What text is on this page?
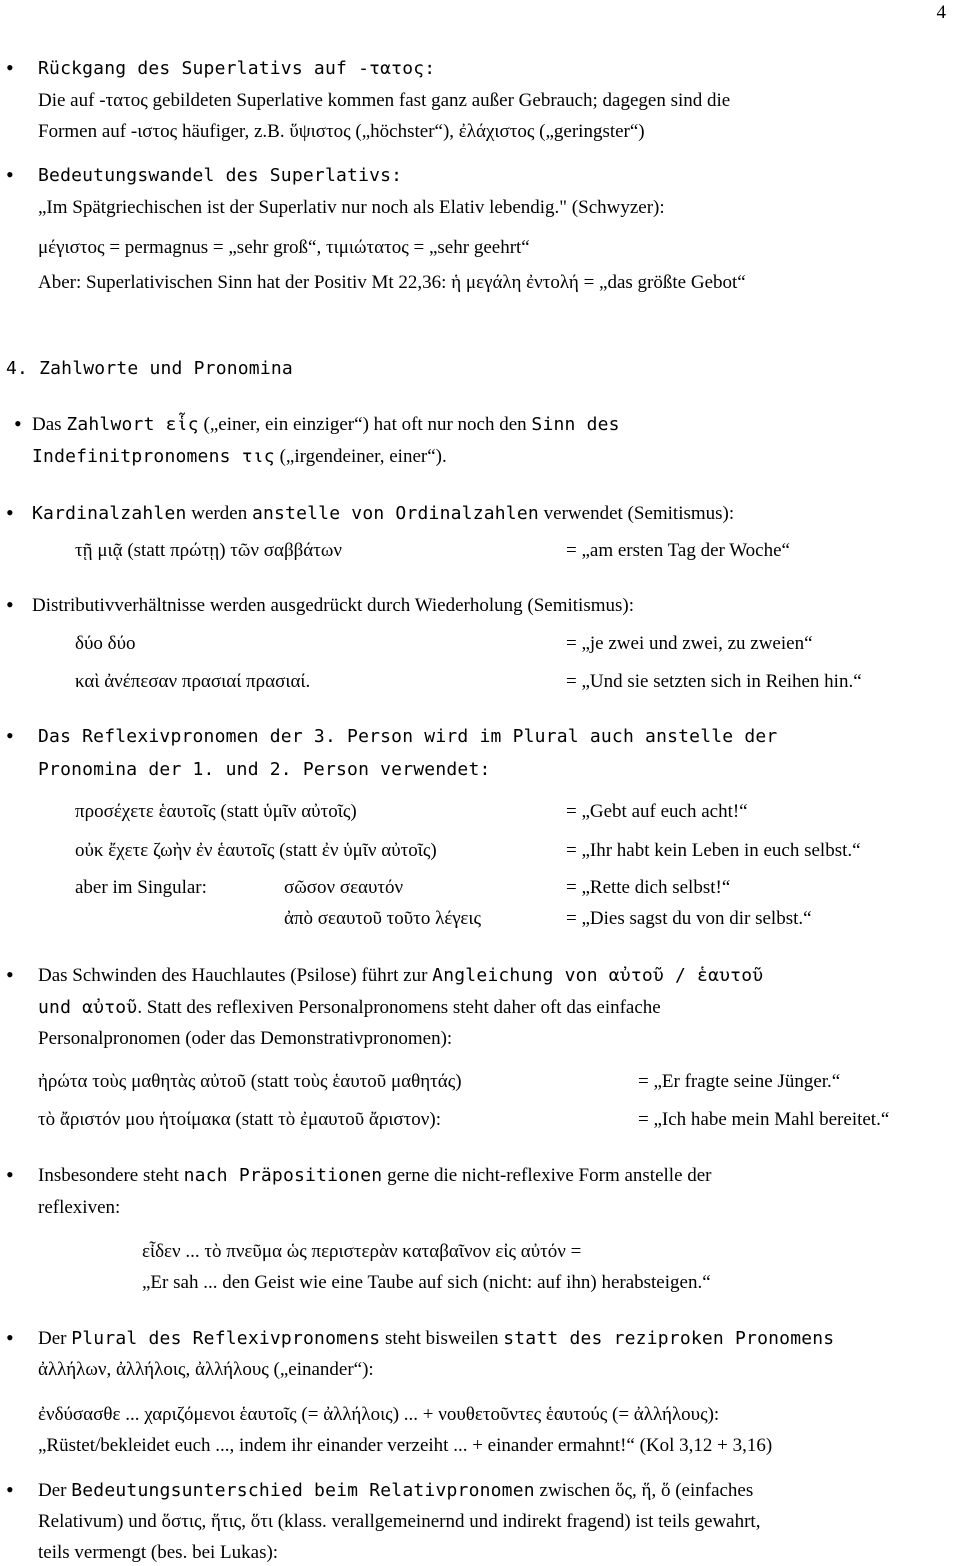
4
• Rückgang des Superlativs auf -τατος:
Die auf -τατος gebildeten Superlative kommen fast ganz außer Gebrauch; dagegen sind die
Formen auf -ιστος häufiger, z.B. ὕψιστος („höchster“), ἐλάχιστος („geringster“)
• Bedeutungswandel des Superlativs:
„Im Spätgriechischen ist der Superlativ nur noch als Elativ lebendig." (Schwyzer):
μέγιστος = permagnus = „sehr groß“, τιμιώτατος = „sehr geehrt“
Aber: Superlativischen Sinn hat der Positiv Mt 22,36: ἡ μεγάλη ἐντολή = „das größte Gebot“
4. Zahlworte und Pronomina
• Das Zahlwort εἷς („einer, ein einziger“) hat oft nur noch den Sinn des
Indefinitpronomens τις („irgendeiner, einer“).
• Kardinalzahlen werden anstelle von Ordinalzahlen verwendet (Semitismus):
τῇ μιᾷ (statt πρώτῃ) τῶν σαββάτων	= „am ersten Tag der Woche“
• Distributivverhältnisse werden ausgedrückt durch Wiederholung (Semitismus):
δύο δύο	= „je zwei und zwei, zu zweien“
καὶ ἀνέπεσαν πρασιαί πρασιαί.	= „Und sie setzten sich in Reihen hin.“
• Das Reflexivpronomen der 3. Person wird im Plural auch anstelle der
Pronomina der 1. und 2. Person verwendet:
προσέχετε ἑαυτοῖς (statt ὑμῖν αὐτοῖς)	= „Gebt auf euch acht!“
οὐκ ἔχετε ζωὴν ἐν ἑαυτοῖς (statt ἐν ὑμῖν αὐτοῖς)	= „Ihr habt kein Leben in euch selbst.“
aber im Singular:	σῶσον σεαυτόν	= „Rette dich selbst!“
ἀπὸ σεαυτοῦ τοῦτο λέγεις	= „Dies sagst du von dir selbst.“
• Das Schwinden des Hauchlautes (Psilose) führt zur Angleichung von αὐτοῦ / ἑαυτοῦ
und αὐτοῦ. Statt des reflexiven Personalpronomens steht daher oft das einfache
Personalpronomen (oder das Demonstrativpronomen):
ἠρώτα τοὺς μαθητὰς αὐτοῦ (statt τοὺς ἑαυτοῦ μαθητάς)	= „Er fragte seine Jünger.“
τὸ ἄριστόν μου ἡτοίμακα (statt τὸ ἐμαυτοῦ ἄριστον):	= „Ich habe mein Mahl bereitet.“
• Insbesondere steht nach Präpositionen gerne die nicht-reflexive Form anstelle der
reflexiven:
εἶδεν ... τὸ πνεῦμα ὡς περιστερὰν καταβαῖνον εἰς αὐτόν =
„Er sah ... den Geist wie eine Taube auf sich (nicht: auf ihn) herabsteigen.“
• Der Plural des Reflexivpronomens steht bisweilen statt des reziproken Pronomens
ἀλλήλων, ἀλλήλοις, ἀλλήλους („einander“):
ἐνδύσασθε ... χαριζόμενοι ἑαυτοῖς (= ἀλλήλοις) ... + νουθετοῦντες ἑαυτούς (= ἀλλήλους):
„Rüstet/bekleidet euch ..., indem ihr einander verzeiht ... + einander ermahnt!“ (Kol 3,12 + 3,16)
• Der Bedeutungsunterschied beim Relativpronomen zwischen ὅς, ἥ, ὅ (einfaches
Relativum) und ὅστις, ἥτις, ὅτι (klass. verallgemeinernd und indirekt fragend) ist teils gewahrt,
teils vermengt (bes. bei Lukas):
